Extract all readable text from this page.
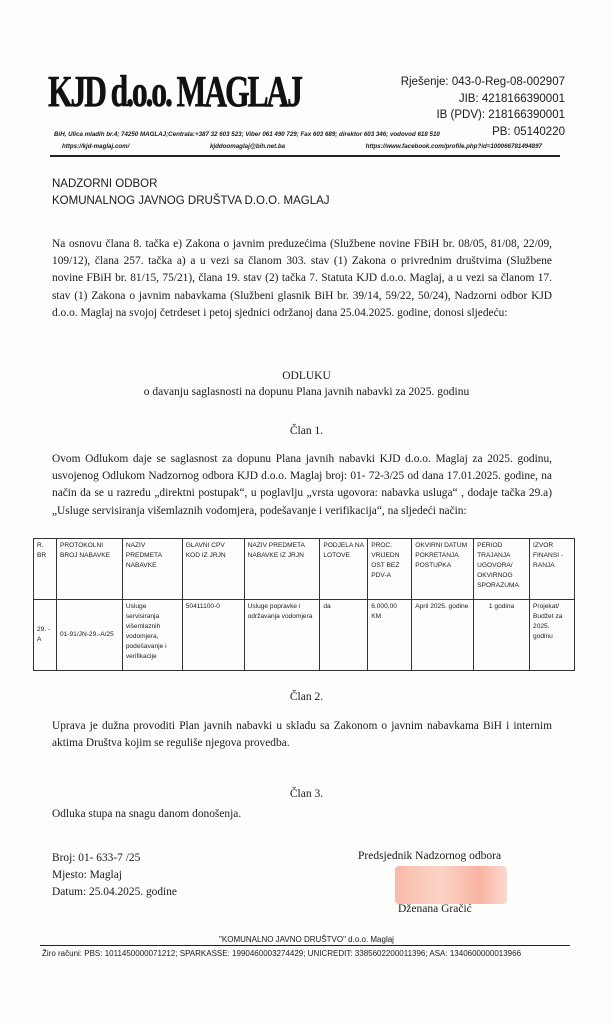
KJD d.o.o. MAGLAJ	Rješenje: 043-0-Reg-08-002907
JIB: 4218166390001
IB (PDV): 218166390001
PB: 05140220
BiH, Ulica mladih br.4; 74250 MAGLAJ;Centrala:+387 32 603 523; Viber 061 490 729; Fax 603 689; direktor 603 346; vodovod 618 510
https://kjd-maglaj.com/	kjddoomaglaj@bih.net.ba	https://www.facebook.com/profile.php?id=100066781494897
NADZORNI ODBOR
KOMUNALNOG JAVNOG DRUŠTVA D.O.O. MAGLAJ
Na osnovu člana 8. tačka e) Zakona o javnim preduzećima (Službene novine FBiH br. 08/05, 81/08, 22/09, 109/12), člana 257. tačka a) a u vezi sa članom 303. stav (1) Zakona o privrednim društvima (Službene novine FBiH br. 81/15, 75/21), člana 19. stav (2) tačka 7. Statuta KJD d.o.o. Maglaj, a u vezi sa članom 17. stav (1) Zakona o javnim nabavkama (Službeni glasnik BiH br. 39/14, 59/22, 50/24), Nadzorni odbor KJD d.o.o. Maglaj na svojoj četrdeset i petoj sjednici održanoj dana 25.04.2025. godine, donosi sljedeću:
ODLUKU
o davanju saglasnosti na dopunu Plana javnih nabavki za 2025. godinu
Član 1.
Ovom Odlukom daje se saglasnost za dopunu Plana javnih nabavki KJD d.o.o. Maglaj za 2025. godinu, usvojenog Odlukom Nadzornog odbora KJD d.o.o. Maglaj broj: 01- 72-3/25 od dana 17.01.2025. godine, na način da se u razredu „direktni postupak“, u poglavlju „vrsta ugovora: nabavka usluga“ , dodaje tačka 29.a) „Usluge servisiranja višemlaznih vodomjera, podešavanje i verifikacija“, na sljedeći način:
R. BR	PROTOKOLNI BROJ NABAVKE	NAZIV PREDMETA NABAVKE	GLAVNI CPV KOD IZ JRJN	NAZIV PREDMETA NABAVKE IZ JRJN	PODJELA NA LOTOVE	PROC. VRIJEDN OST BEZ PDV-A	OKVIRNI DATUM POKRETANJA POSTUPKA	PERIOD TRAJANJA UGOVORA/ OKVIRNOG SPORAZUMA	IZVOR FINANSI - RANJA
29. -A	01-91/JN-29.-A/25	Usluge servisiranja višemlaznih vodomjera, podešavanje i verifikacije	50411100-0	Usluge popravke i održavanja vodomjera	da	6.000,00 KM	April 2025. godine	1 godina	Projekat/ Budžet za 2025. godinu
Član 2.
Uprava je dužna provoditi Plan javnih nabavki u skladu sa Zakonom o javnim nabavkama BiH i internim aktima Društva kojim se reguliše njegova provedba.
Član 3.
Odluka stupa na snagu danom donošenja.
Broj: 01- 633-7 /25
Mjesto: Maglaj
Datum: 25.04.2025. godine
Predsjednik Nadzornog odbora
Dženana Gračić
"KOMUNALNO JAVNO DRUŠTVO" d.o.o. Maglaj
Žiro računi: PBS: 1011450000071212; SPARKASSE: 1990460003274429; UNICREDIT: 3385602200011396; ASA: 1340600000013966
